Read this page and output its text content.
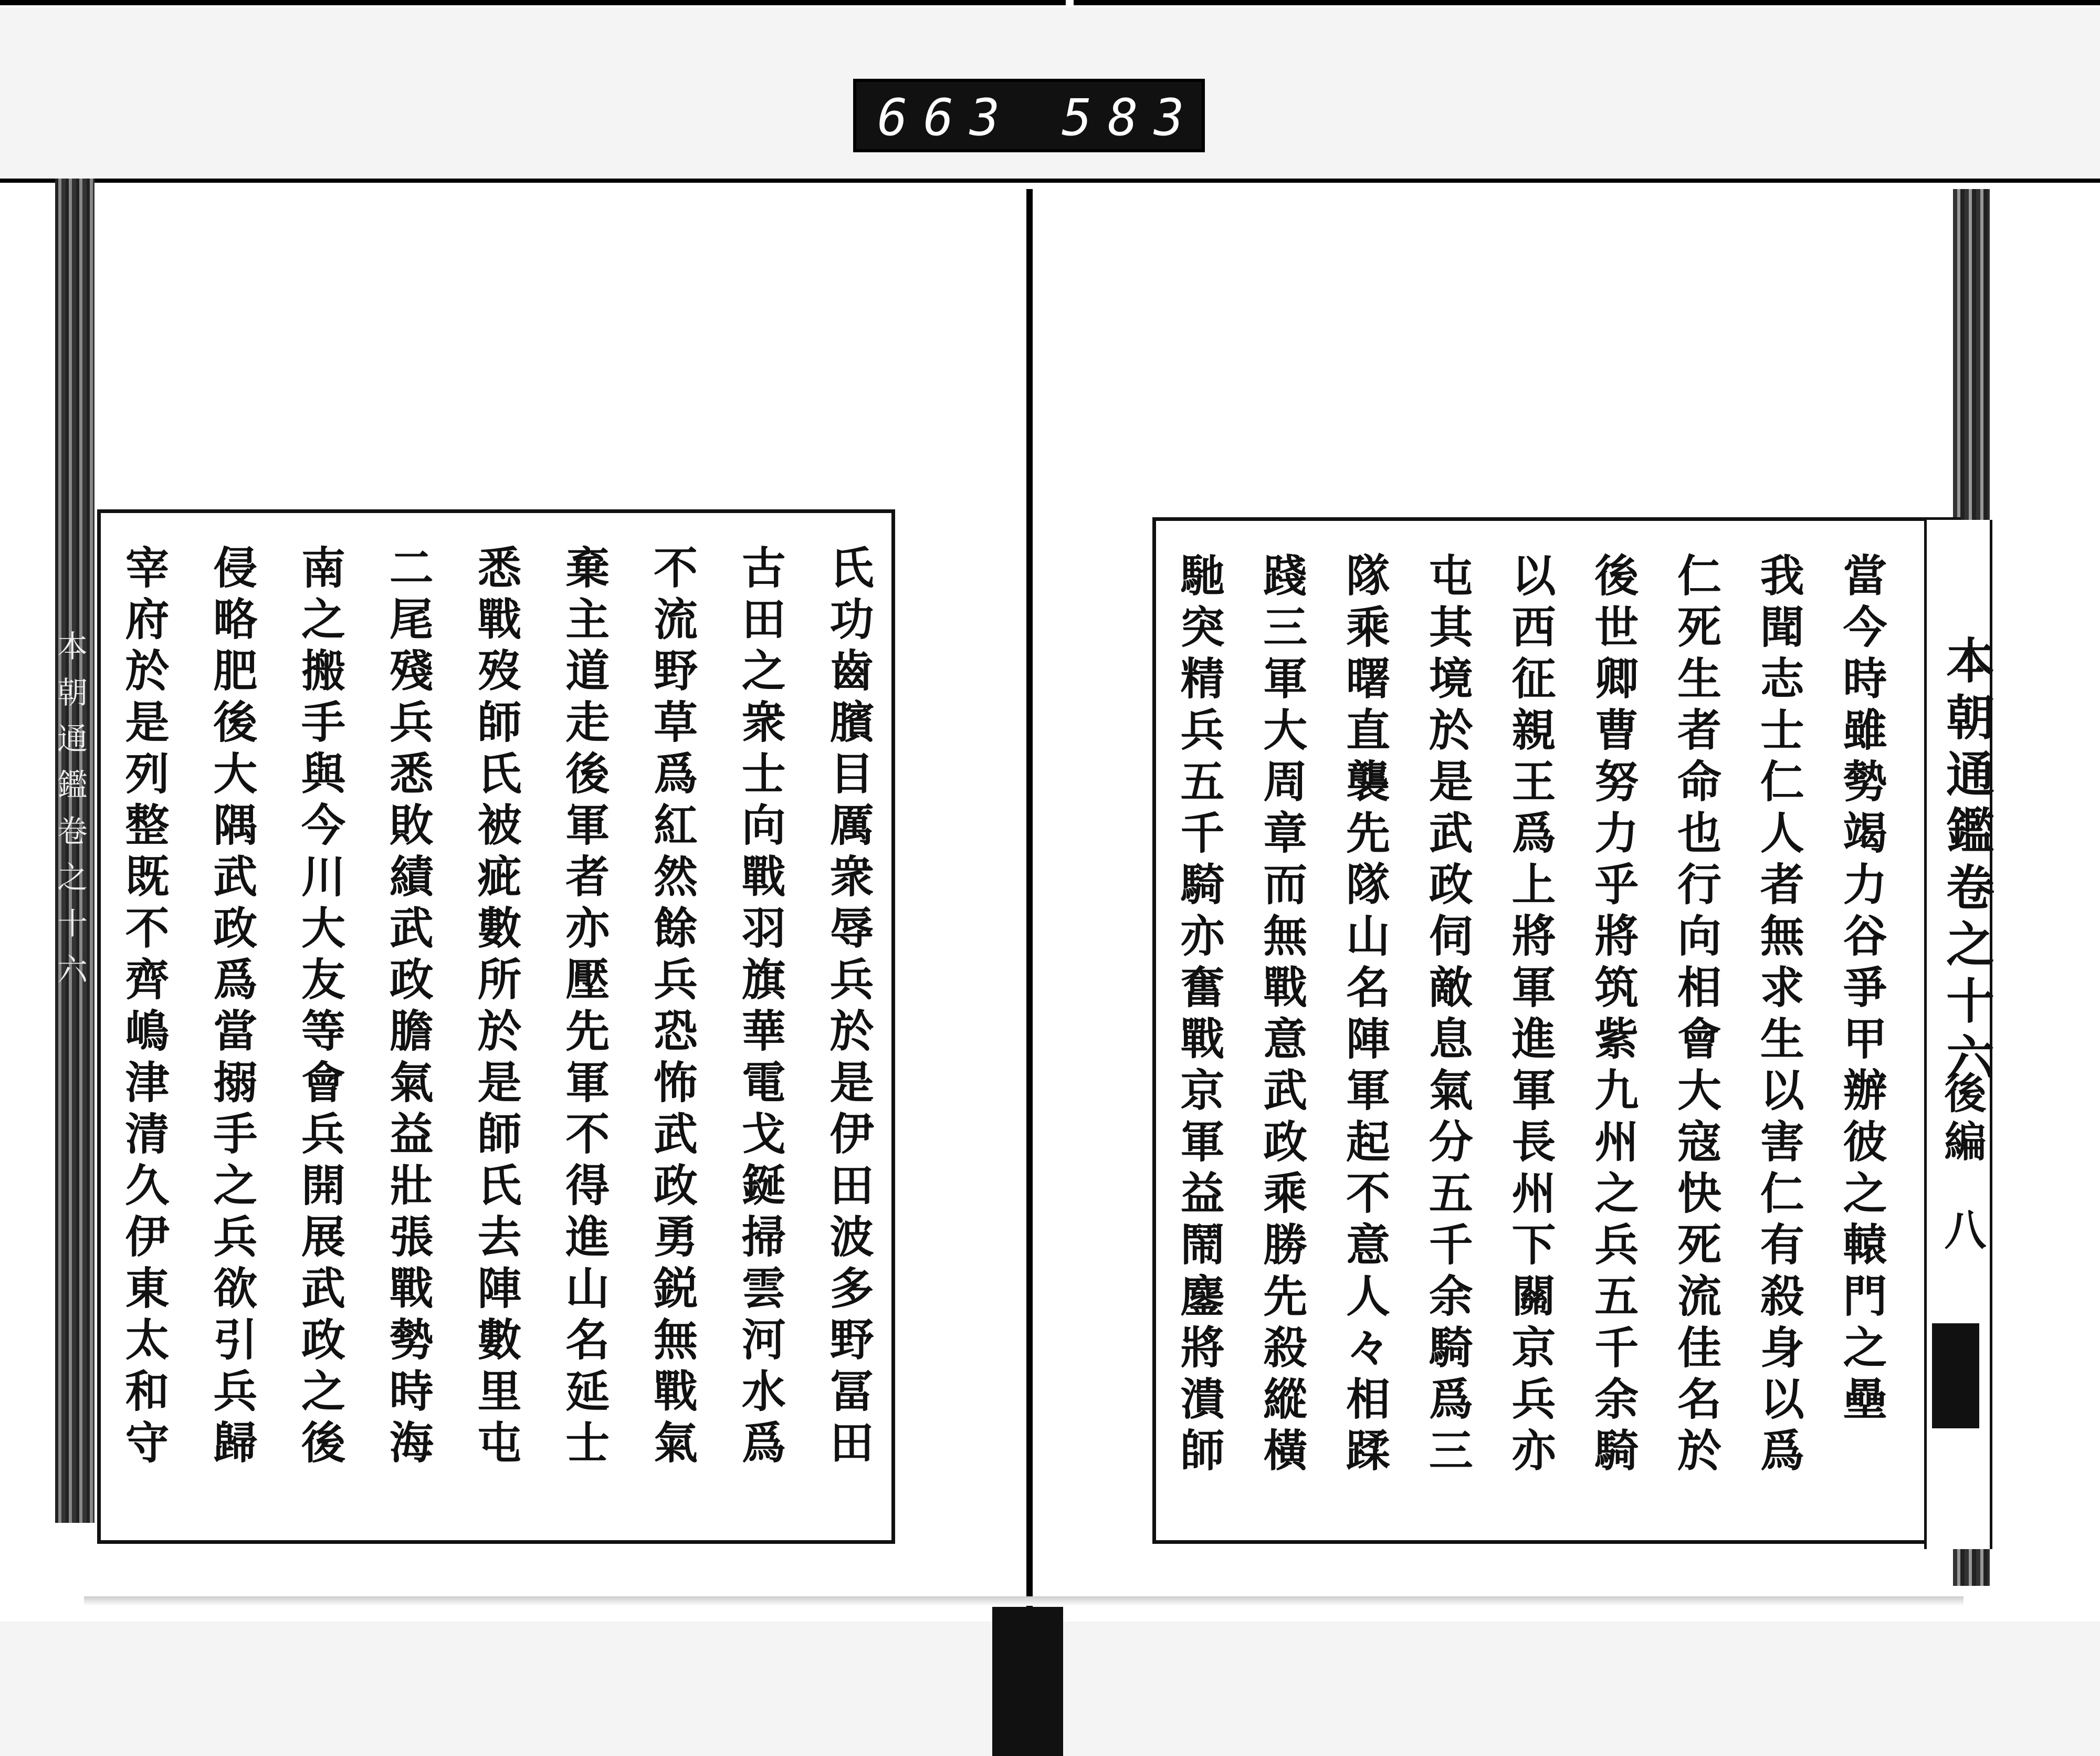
663 583
本朝通鑑卷之十六	氏功齒臏目厲衆辱兵於是伊田波多野冨田
古田之衆士向戰羽旗華電戈鋋掃雲河水爲
不流野草爲紅然餘兵恐怖武政勇鋭無戰氣
棄主道走後軍者亦壓先軍不得進山名延士
悉戰歿師氏被疵數所於是師氏去陣數里屯
二尾殘兵悉敗績武政膽氣益壯張戰勢時海
南之搬手與今川大友等會兵開展武政之後
侵略肥後大隅武政爲當搦手之兵欲引兵歸
宰府於是列整既不齊嶋津清久伊東太和守	當今時雖勢竭力谷爭甲辦彼之轅門之壘
我聞志士仁人者無求生以害仁有殺身以爲
仁死生者命也行向相會大寇快死流佳名於
後世卿曹努力乎將筑紫九州之兵五千余騎
以西征親王爲上將軍進軍長州下關京兵亦
屯其境於是武政伺敵息氣分五千余騎爲三
隊乘曙直襲先隊山名陣軍起不意人々相蹂
踐三軍大周章而無戰意武政乘勝先殺縱橫
馳突精兵五千騎亦奮戰京軍益鬧鏖將潰師	本朝通鑑卷之十六
後編
八
